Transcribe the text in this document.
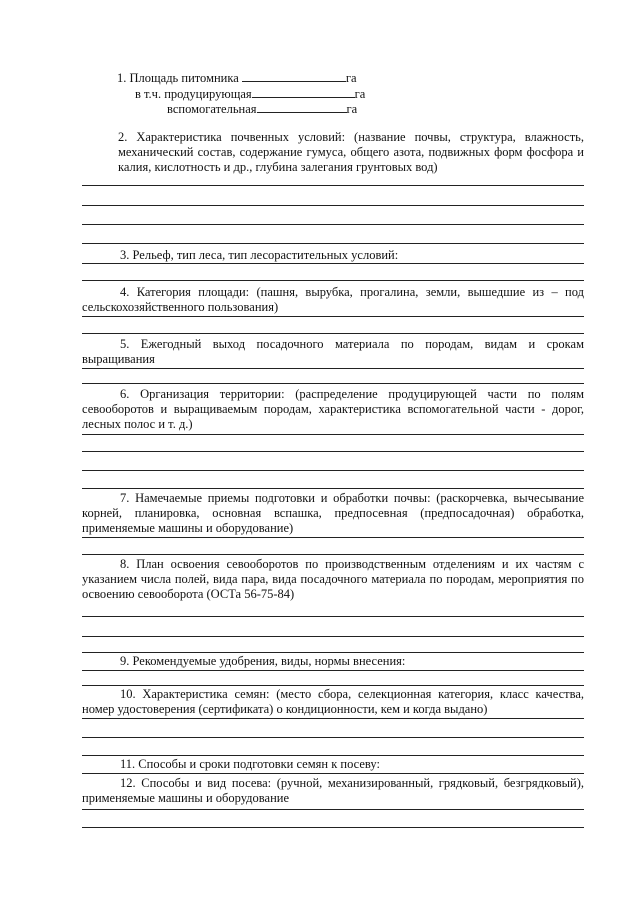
1. Площадь питомника	га
в т.ч. продуцирующая	га
вспомогательная	га
2. Характеристика почвенных условий: (название почвы, структура, влажность, механический состав, содержание гумуса, общего азота, подвижных форм фосфора и калия, кислотность и др., глубина залегания грунтовых вод)
3. Рельеф, тип леса, тип лесорастительных условий:
4. Категория площади: (пашня, вырубка, прогалина, земли, вышедшие из – под сельскохозяйственного пользования)
5. Ежегодный выход посадочного материала по породам, видам и срокам выращивания
6. Организация территории: (распределение продуцирующей части по полям севооборотов и выращиваемым породам, характеристика вспомогательной части - дорог, лесных полос и т. д.)
7. Намечаемые приемы подготовки и обработки почвы: (раскорчевка, вычесывание корней, планировка, основная вспашка, предпосевная (предпосадочная) обработка, применяемые машины и оборудование)
8. План освоения севооборотов по производственным отделениям и их частям с указанием числа полей, вида пара, вида посадочного материала по породам, мероприятия по освоению севооборота (ОСТа 56-75-84)
9. Рекомендуемые удобрения, виды, нормы внесения:
10. Характеристика семян: (место сбора, селекционная категория, класс качества, номер удостоверения (сертификата) о кондиционности, кем и когда выдано)
11. Способы и сроки подготовки семян к посеву:
12. Способы и вид посева: (ручной, механизированный, грядковый, безгрядковый), применяемые машины и оборудование
